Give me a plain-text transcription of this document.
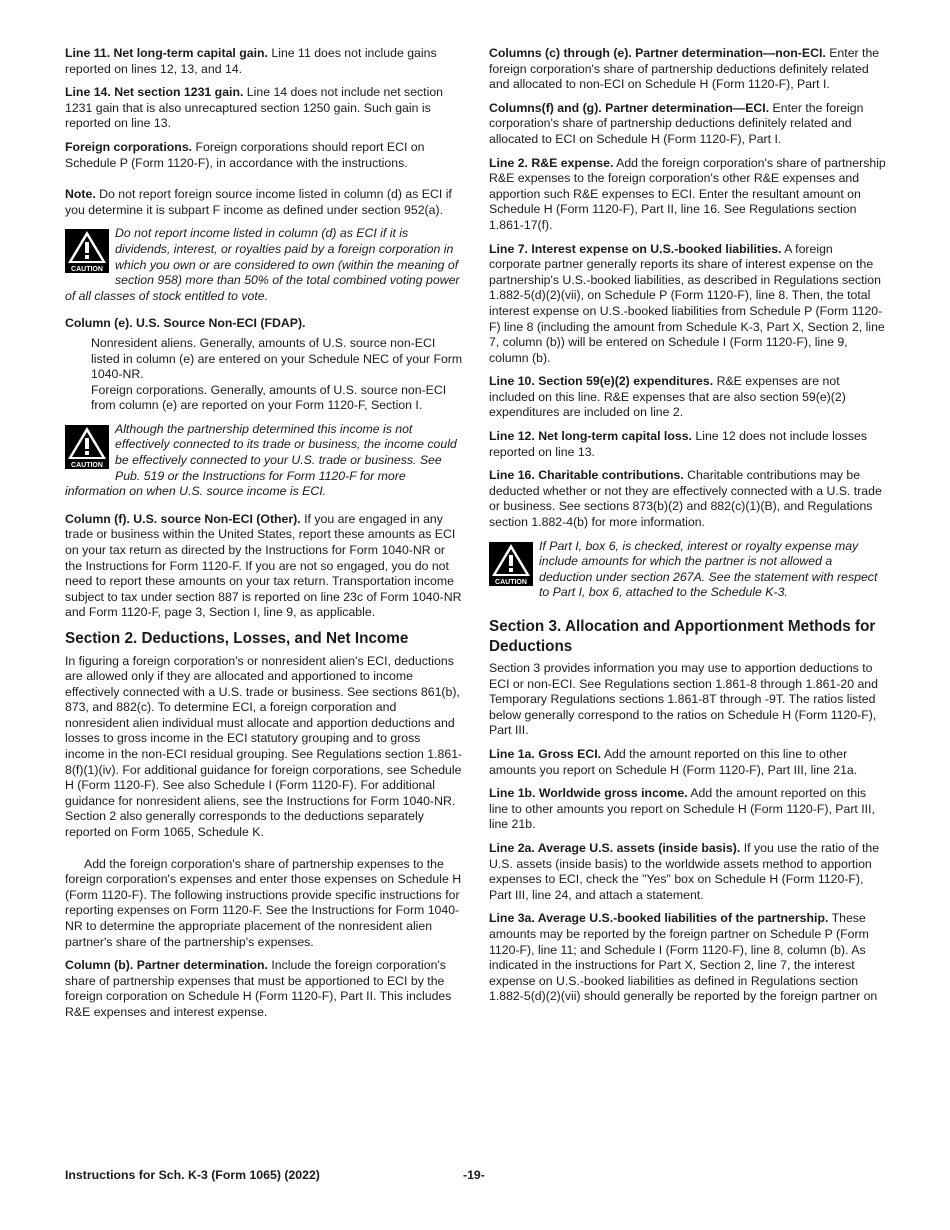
Line 11. Net long-term capital gain. Line 11 does not include gains reported on lines 12, 13, and 14.

Line 14. Net section 1231 gain. Line 14 does not include net section 1231 gain that is also unrecaptured section 1250 gain. Such gain is reported on line 13.

Foreign corporations. Foreign corporations should report ECI on Schedule P (Form 1120-F), in accordance with the instructions.

Note. Do not report foreign source income listed in column (d) as ECI if you determine it is subpart F income as defined under section 952(a).

CAUTION
Do not report income listed in column (d) as ECI if it is dividends, interest, or royalties paid by a foreign corporation in which you own or are considered to own (within the meaning of section 958) more than 50% of the total combined voting power of all classes of stock entitled to vote.

Column (e). U.S. Source Non-ECI (FDAP).

Nonresident aliens. Generally, amounts of U.S. source non-ECI listed in column (e) are entered on your Schedule NEC of your Form 1040-NR.

Foreign corporations. Generally, amounts of U.S. source non-ECI from column (e) are reported on your Form 1120-F, Section I.

CAUTION
Although the partnership determined this income is not effectively connected to its trade or business, the income could be effectively connected to your U.S. trade or business. See Pub. 519 or the Instructions for Form 1120-F for more information on when U.S. source income is ECI.

Column (f). U.S. source Non-ECI (Other). If you are engaged in any trade or business within the United States, report these amounts as ECI on your tax return as directed by the Instructions for Form 1040-NR or the Instructions for Form 1120-F. If you are not so engaged, you do not need to report these amounts on your tax return. Transportation income subject to tax under section 887 is reported on line 23c of Form 1040-NR and Form 1120-F, page 3, Section I, line 9, as applicable.

Section 2. Deductions, Losses, and Net Income

In figuring a foreign corporation's or nonresident alien's ECI, deductions are allowed only if they are allocated and apportioned to income effectively connected with a U.S. trade or business. See sections 861(b), 873, and 882(c). To determine ECI, a foreign corporation and nonresident alien individual must allocate and apportion deductions and losses to gross income in the ECI statutory grouping and to gross income in the non-ECI residual grouping. See Regulations section 1.861-8(f)(1)(iv). For additional guidance for foreign corporations, see Schedule H (Form 1120-F). See also Schedule I (Form 1120-F). For additional guidance for nonresident aliens, see the Instructions for Form 1040-NR. Section 2 also generally corresponds to the deductions separately reported on Form 1065, Schedule K.

Add the foreign corporation's share of partnership expenses to the foreign corporation's expenses and enter those expenses on Schedule H (Form 1120-F). The following instructions provide specific instructions for reporting expenses on Form 1120-F. See the Instructions for Form 1040-NR to determine the appropriate placement of the nonresident alien partner's share of the partnership's expenses.

Column (b). Partner determination. Include the foreign corporation's share of partnership expenses that must be apportioned to ECI by the foreign corporation on Schedule H (Form 1120-F), Part II. This includes R&E expenses and interest expense.

Columns (c) through (e). Partner determination—non-ECI. Enter the foreign corporation's share of partnership deductions definitely related and allocated to non-ECI on Schedule H (Form 1120-F), Part I.

Columns(f) and (g). Partner determination—ECI. Enter the foreign corporation's share of partnership deductions definitely related and allocated to ECI on Schedule H (Form 1120-F), Part I.

Line 2. R&E expense. Add the foreign corporation's share of partnership R&E expenses to the foreign corporation's other R&E expenses and apportion such R&E expenses to ECI. Enter the resultant amount on Schedule H (Form 1120-F), Part II, line 16. See Regulations section 1.861-17(f).

Line 7. Interest expense on U.S.-booked liabilities. A foreign corporate partner generally reports its share of interest expense on the partnership's U.S.-booked liabilities, as described in Regulations section 1.882-5(d)(2)(vii), on Schedule P (Form 1120-F), line 8. Then, the total interest expense on U.S.-booked liabilities from Schedule P (Form 1120-F) line 8 (including the amount from Schedule K-3, Part X, Section 2, line 7, column (b)) will be entered on Schedule I (Form 1120-F), line 9, column (b).

Line 10. Section 59(e)(2) expenditures. R&E expenses are not included on this line. R&E expenses that are also section 59(e)(2) expenditures are included on line 2.

Line 12. Net long-term capital loss. Line 12 does not include losses reported on line 13.

Line 16. Charitable contributions. Charitable contributions may be deducted whether or not they are effectively connected with a U.S. trade or business. See sections 873(b)(2) and 882(c)(1)(B), and Regulations section 1.882-4(b) for more information.

CAUTION
If Part I, box 6, is checked, interest or royalty expense may include amounts for which the partner is not allowed a deduction under section 267A. See the statement with respect to Part I, box 6, attached to the Schedule K-3.
Section 3. Allocation and Apportionment Methods for Deductions

Section 3 provides information you may use to apportion deductions to ECI or non-ECI. See Regulations section 1.861-8 through 1.861-20 and Temporary Regulations sections 1.861-8T through -9T. The ratios listed below generally correspond to the ratios on Schedule H (Form 1120-F), Part III.

Line 1a. Gross ECI. Add the amount reported on this line to other amounts you report on Schedule H (Form 1120-F), Part III, line 21a.

Line 1b. Worldwide gross income. Add the amount reported on this line to other amounts you report on Schedule H (Form 1120-F), Part III, line 21b.

Line 2a. Average U.S. assets (inside basis). If you use the ratio of the U.S. assets (inside basis) to the worldwide assets method to apportion expenses to ECI, check the "Yes" box on Schedule H (Form 1120-F), Part III, line 24, and attach a statement.

Line 3a. Average U.S.-booked liabilities of the partnership. These amounts may be reported by the foreign partner on Schedule P (Form 1120-F), line 11; and Schedule I (Form 1120-F), line 8, column (b). As indicated in the instructions for Part X, Section 2, line 7, the interest expense on U.S.-booked liabilities as defined in Regulations section 1.882-5(d)(2)(vii) should generally be reported by the foreign partner on

Instructions for Sch. K-3 (Form 1065) (2022)	-19-
